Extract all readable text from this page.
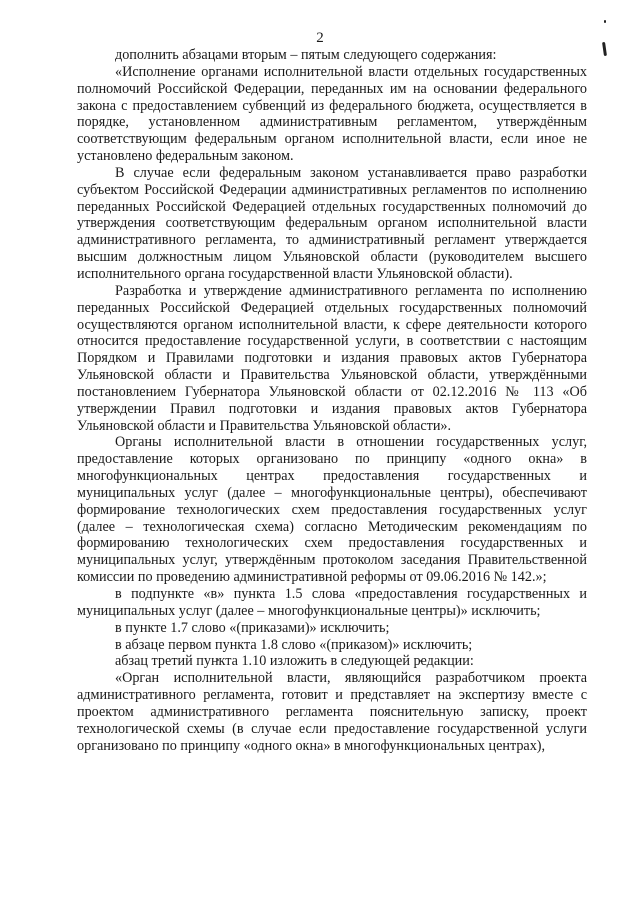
2

дополнить абзацами вторым – пятым следующего содержания:

«Исполнение органами исполнительной власти отдельных государственных полномочий Российской Федерации, переданных им на основании федерального закона с предоставлением субвенций из федерального бюджета, осуществляется в порядке, установленном административным регламентом, утверждённым соответствующим федеральным органом исполнительной власти, если иное не установлено федеральным законом.

В случае если федеральным законом устанавливается право разработки субъектом Российской Федерации административных регламентов по исполнению переданных Российской Федерацией отдельных государственных полномочий до утверждения соответствующим федеральным органом исполнительной власти административного регламента, то административный регламент утверждается высшим должностным лицом Ульяновской области (руководителем высшего исполнительного органа государственной власти Ульяновской области).

Разработка и утверждение административного регламента по исполнению переданных Российской Федерацией отдельных государственных полномочий осуществляются органом исполнительной власти, к сфере деятельности которого относится предоставление государственной услуги, в соответствии с настоящим Порядком и Правилами подготовки и издания правовых актов Губернатора Ульяновской области и Правительства Ульяновской области, утверждёнными постановлением Губернатора Ульяновской области от 02.12.2016 № 113 «Об утверждении Правил подготовки и издания правовых актов Губернатора Ульяновской области и Правительства Ульяновской области».

Органы исполнительной власти в отношении государственных услуг, предоставление которых организовано по принципу «одного окна» в многофункциональных центрах предоставления государственных и муниципальных услуг (далее – многофункциональные центры), обеспечивают формирование технологических схем предоставления государственных услуг (далее – технологическая схема) согласно Методическим рекомендациям по формированию технологических схем предоставления государственных и муниципальных услуг, утверждённым протоколом заседания Правительственной комиссии по проведению административной реформы от 09.06.2016 № 142.»;

в подпункте «в» пункта 1.5 слова «предоставления государственных и муниципальных услуг (далее – многофункциональные центры)» исключить;

в пункте 1.7 слово «(приказами)» исключить;

в абзаце первом пункта 1.8 слово «(приказом)» исключить;

абзац третий пункта 1.10 изложить в следующей редакции:

«Орган исполнительной власти, являющийся разработчиком проекта административного регламента, готовит и представляет на экспертизу вместе с проектом административного регламента пояснительную записку, проект технологической схемы (в случае если предоставление государственной услуги организовано по принципу «одного окна» в многофункциональных центрах),
